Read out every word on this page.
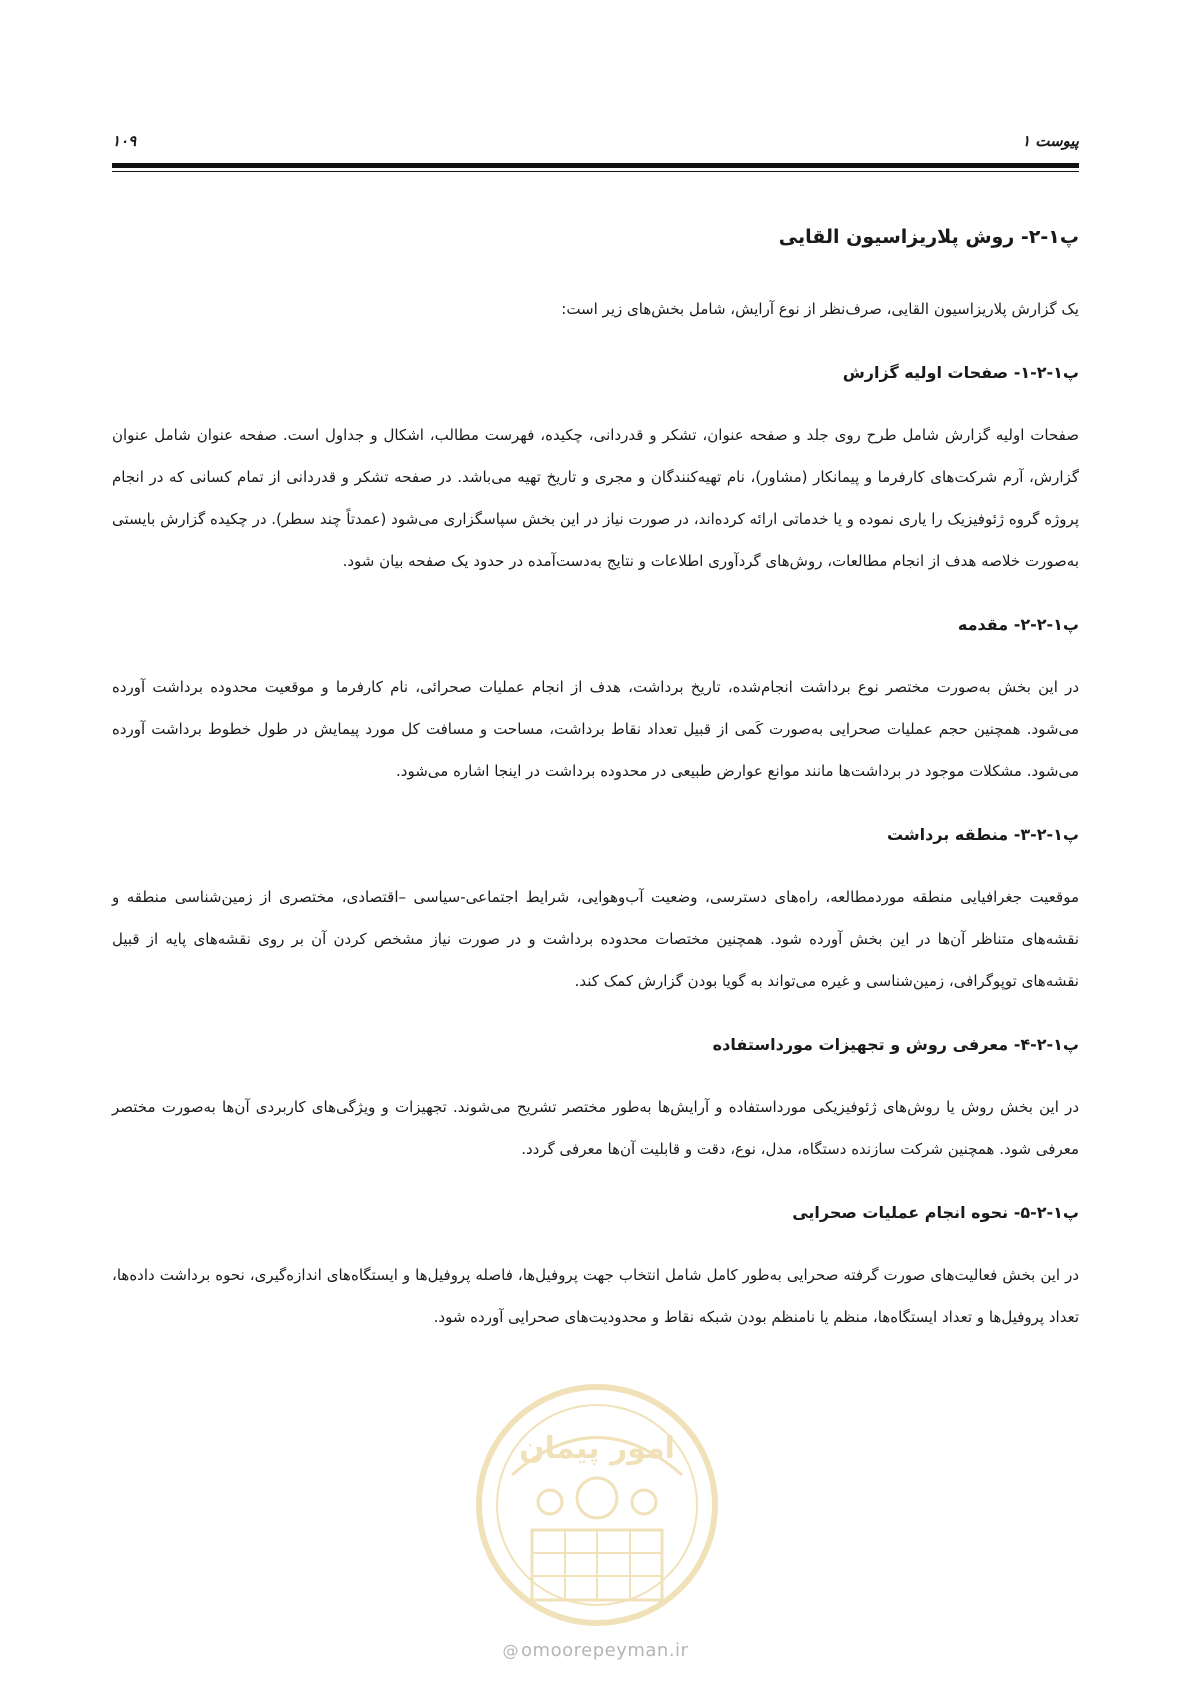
پیوست ۱
۱۰۹
پ۱-۲- روش پلاریزاسیون القایی

یک گزارش پلاریزاسیون القایی، صرف‌نظر از نوع آرایش، شامل بخش‌های زیر است:

پ۱-۲-۱- صفحات اولیه گزارش

صفحات اولیه گزارش شامل طرح روی جلد و صفحه عنوان، تشکر و قدردانی، چکیده، فهرست مطالب، اشکال و جداول است. صفحه عنوان شامل عنوان گزارش، آرم شرکت‌های کارفرما و پیمانکار (مشاور)، نام تهیه‌کنندگان و مجری و تاریخ تهیه می‌باشد. در صفحه تشکر و قدردانی از تمام کسانی که در انجام پروژه گروه ژئوفیزیک را یاری نموده و یا خدماتی ارائه کرده‌اند، در صورت نیاز در این بخش سپاسگزاری می‌شود (عمدتاً چند سطر). در چکیده گزارش بایستی به‌صورت خلاصه هدف از انجام مطالعات، روش‌های گردآوری اطلاعات و نتایج به‌دست‌آمده در حدود یک صفحه بیان شود.

پ۱-۲-۲- مقدمه

در این بخش به‌صورت مختصر نوع برداشت انجام‌شده، تاریخ برداشت، هدف از انجام عملیات صحرائی، نام کارفرما و موقعیت محدوده برداشت آورده می‌شود. همچنین حجم عملیات صحرایی به‌صورت کَمی از قبیل تعداد نقاط برداشت، مساحت و مسافت کل مورد پیمایش در طول خطوط برداشت آورده می‌شود. مشکلات موجود در برداشت‌ها مانند موانع عوارض طبیعی در محدوده برداشت در اینجا اشاره می‌شود.

پ۱-۲-۳- منطقه برداشت

موقعیت جغرافیایی منطقه موردمطالعه، راه‌های دسترسی، وضعیت آب‌وهوایی، شرایط اجتماعی-سیاسی –اقتصادی، مختصری از زمین‌شناسی منطقه و نقشه‌های متناظر آن‌ها در این بخش آورده شود. همچنین مختصات محدوده برداشت و در صورت نیاز مشخص کردن آن بر روی نقشه‌های پایه از قبیل نقشه‌های توپوگرافی، زمین‌شناسی و غیره می‌تواند به گویا بودن گزارش کمک کند.

پ۱-۲-۴- معرفی روش و تجهیزات مورداستفاده

در این بخش روش یا روش‌های ژئوفیزیکی مورداستفاده و آرایش‌ها به‌طور مختصر تشریح می‌شوند. تجهیزات و ویژگی‌های کاربردی آن‌ها به‌صورت مختصر معرفی شود. همچنین شرکت سازنده دستگاه، مدل، نوع، دقت و قابلیت آن‌ها معرفی گردد.

پ۱-۲-۵- نحوه انجام عملیات صحرایی

در این بخش فعالیت‌های صورت گرفته صحرایی به‌طور کامل شامل انتخاب جهت پروفیل‌ها، فاصله پروفیل‌ها و ایستگاه‌های اندازه‌گیری، نحوه برداشت داده‌ها، تعداد پروفیل‌ها و تعداد ایستگاه‌ها، منظم یا نامنظم بودن شبکه نقاط و محدودیت‌های صحرایی آورده شود.

امور پیمان
@ omoorepeyman.ir
